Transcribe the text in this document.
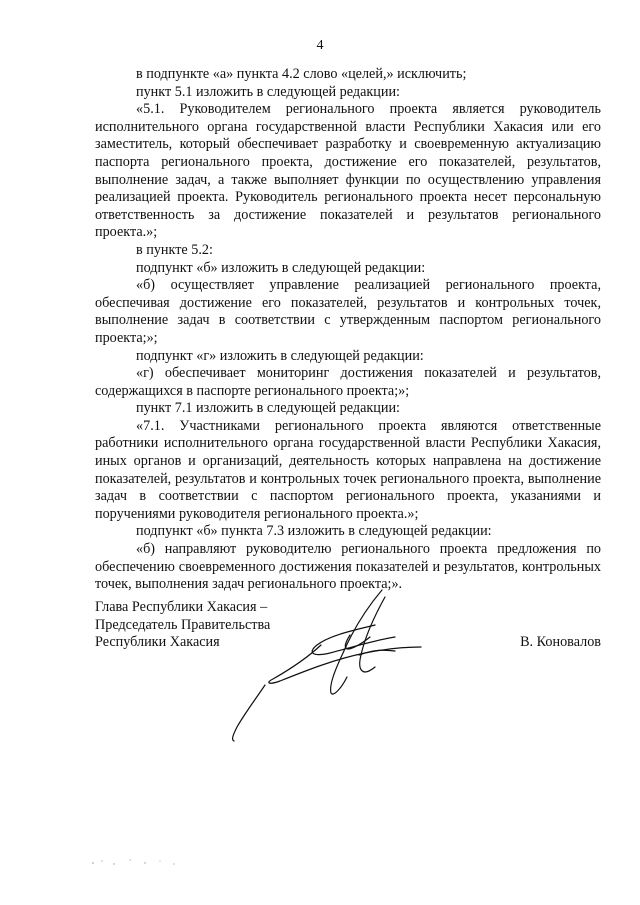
4

в подпункте «а» пункта 4.2 слово «целей,» исключить;

пункт 5.1 изложить в следующей редакции:

«5.1. Руководителем регионального проекта является руководитель исполнительного органа государственной власти Республики Хакасия или его заместитель, который обеспечивает разработку и своевременную актуализацию паспорта регионального проекта, достижение его показателей, результатов, выполнение задач, а также выполняет функции по осуществлению управления реализацией проекта. Руководитель регионального проекта несет персональную ответственность за достижение показателей и результатов регионального проекта.»;

в пункте 5.2:

подпункт «б» изложить в следующей редакции:

«б) осуществляет управление реализацией регионального проекта, обеспечивая достижение его показателей, результатов и контрольных точек, выполнение задач в соответствии с утвержденным паспортом регионального проекта;»;

подпункт «г» изложить в следующей редакции:

«г) обеспечивает мониторинг достижения показателей и результатов, содержащихся в паспорте регионального проекта;»;

пункт 7.1 изложить в следующей редакции:

«7.1. Участниками регионального проекта являются ответственные работники исполнительного органа государственной власти Республики Хакасия, иных органов и организаций, деятельность которых направлена на достижение показателей, результатов и контрольных точек регионального проекта, выполнение задач в соответствии с паспортом регионального проекта, указаниями и поручениями руководителя регионального проекта.»;

подпункт «б» пункта 7.3 изложить в следующей редакции:

«б) направляют руководителю регионального проекта предложения по обеспечению своевременного достижения показателей и результатов, контрольных точек, выполнения задач регионального проекта;».

Глава Республики Хакасия –

Председатель Правительства

Республики Хакасия	В. Коновалов
